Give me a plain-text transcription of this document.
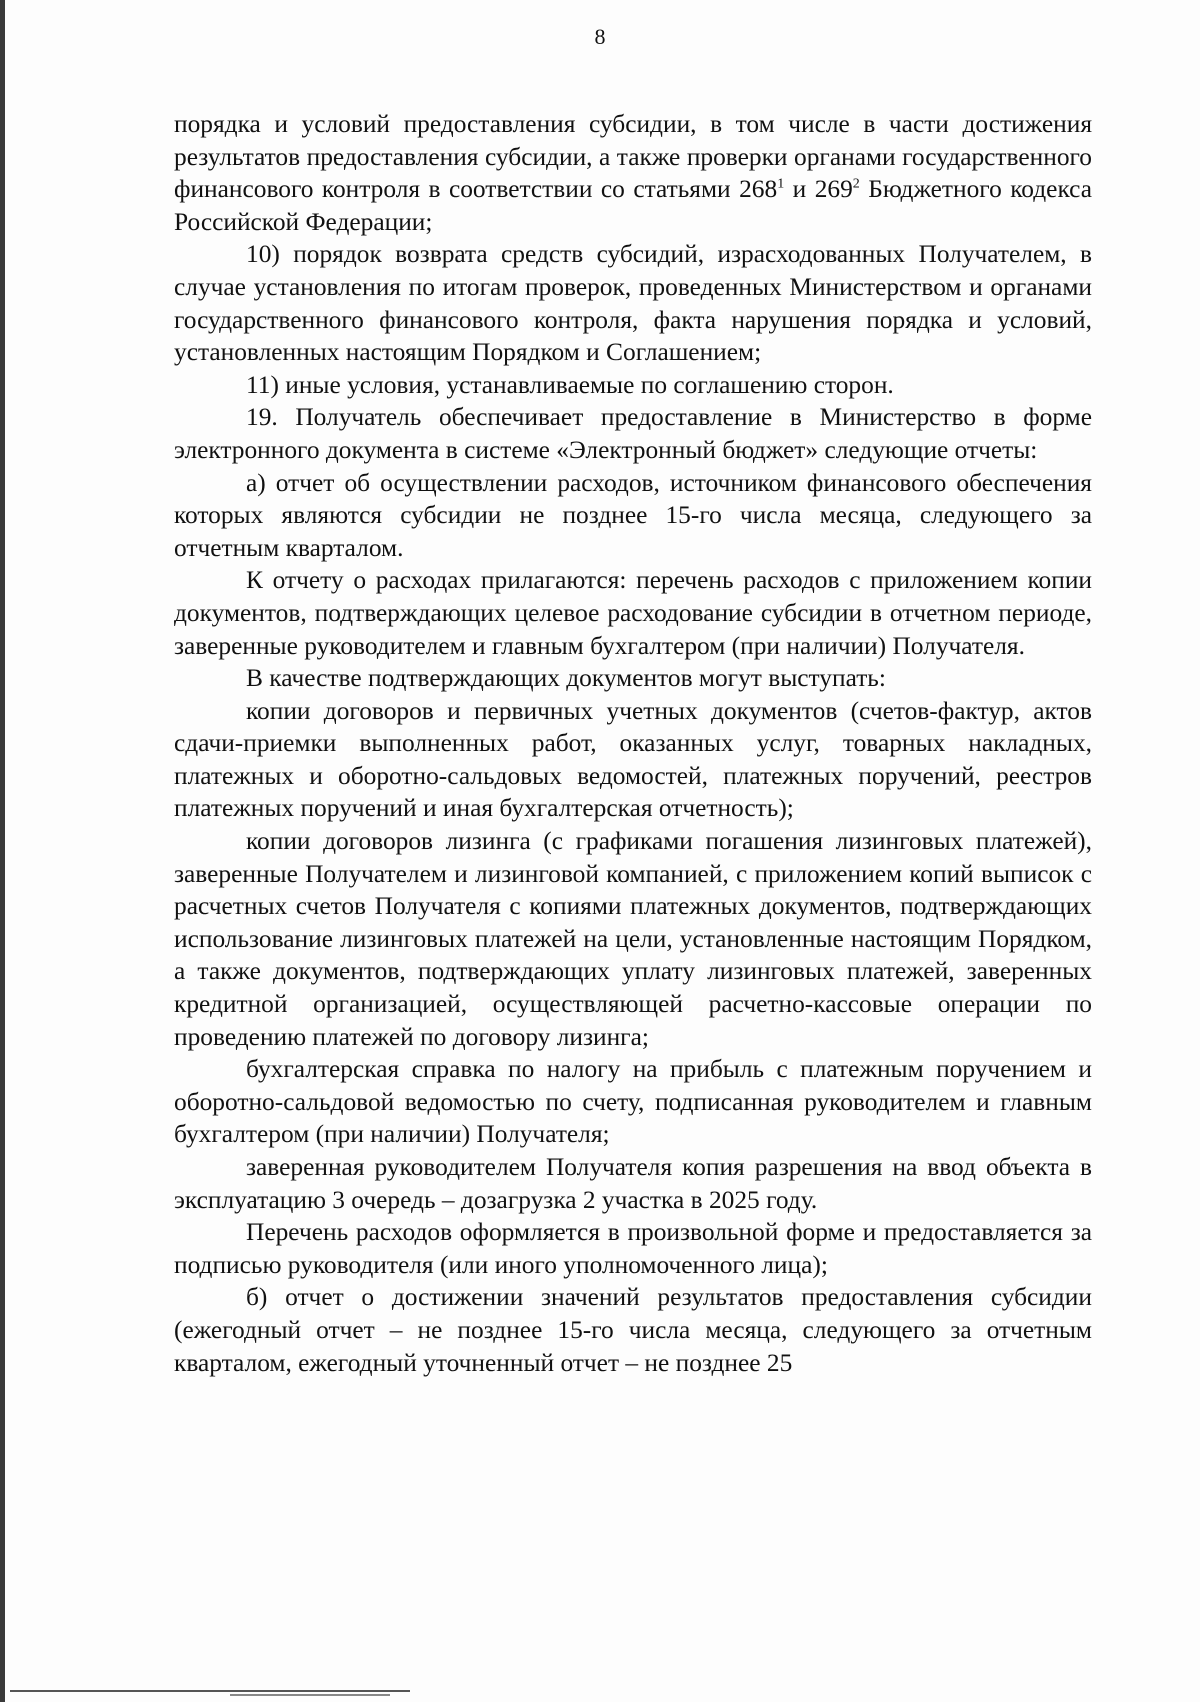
8

порядка и условий предоставления субсидии, в том числе в части достижения результатов предоставления субсидии, а также проверки органами государственного финансового контроля в соответствии со статьями $268^1$ и $269^2$ Бюджетного кодекса Российской Федерации;

10) порядок возврата средств субсидий, израсходованных Получателем, в случае установления по итогам проверок, проведенных Министерством и органами государственного финансового контроля, факта нарушения порядка и условий, установленных настоящим Порядком и Соглашением;

11) иные условия, устанавливаемые по соглашению сторон.

19. Получатель обеспечивает предоставление в Министерство в форме электронного документа в системе «Электронный бюджет» следующие отчеты:

а) отчет об осуществлении расходов, источником финансового обеспечения которых являются субсидии не позднее 15-го числа месяца, следующего за отчетным кварталом.

К отчету о расходах прилагаются: перечень расходов с приложением копии документов, подтверждающих целевое расходование субсидии в отчетном периоде, заверенные руководителем и главным бухгалтером (при наличии) Получателя.

В качестве подтверждающих документов могут выступать:

копии договоров и первичных учетных документов (счетов-фактур, актов сдачи-приемки выполненных работ, оказанных услуг, товарных накладных, платежных и оборотно-сальдовых ведомостей, платежных поручений, реестров платежных поручений и иная бухгалтерская отчетность);

копии договоров лизинга (с графиками погашения лизинговых платежей), заверенные Получателем и лизинговой компанией, с приложением копий выписок с расчетных счетов Получателя с копиями платежных документов, подтверждающих использование лизинговых платежей на цели, установленные настоящим Порядком, а также документов, подтверждающих уплату лизинговых платежей, заверенных кредитной организацией, осуществляющей расчетно-кассовые операции по проведению платежей по договору лизинга;

бухгалтерская справка по налогу на прибыль с платежным поручением и оборотно-сальдовой ведомостью по счету, подписанная руководителем и главным бухгалтером (при наличии) Получателя;

заверенная руководителем Получателя копия разрешения на ввод объекта в эксплуатацию 3 очередь – дозагрузка 2 участка в 2025 году.

Перечень расходов оформляется в произвольной форме и предоставляется за подписью руководителя (или иного уполномоченного лица);

б) отчет о достижении значений результатов предоставления субсидии (ежегодный отчет – не позднее 15-го числа месяца, следующего за отчетным кварталом, ежегодный уточненный отчет – не позднее 25
